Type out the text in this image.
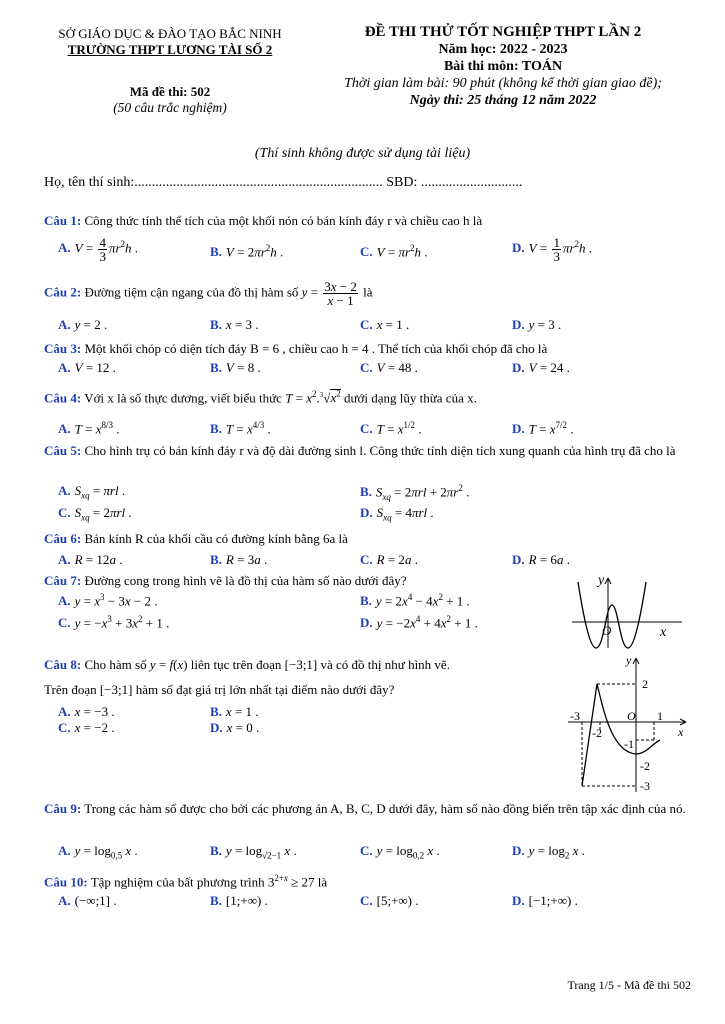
SỞ GIÁO DỤC & ĐÀO TẠO BẮC NINH
TRƯỜNG THPT LƯƠNG TÀI SỐ 2
Mã đề thi: 502
(50 câu trắc nghiệm)
ĐỀ THI THỬ TỐT NGHIỆP THPT LẦN 2
Năm học: 2022 - 2023
Bài thi môn: TOÁN
Thời gian làm bài: 90 phút (không kể thời gian giao đề);
Ngày thi: 25 tháng 12 năm 2022
(Thí sinh không được sử dụng tài liệu)
Họ, tên thí sinh:....................................................................... SBD: .............................
Câu 1: Công thức tính thể tích của một khối nón có bán kính đáy r và chiều cao h là
A. $V = \frac{4}{3} \pi r^2h$ .	B. $V = 2\pi r^2h$ .	C. $V = \pi r^2h$ .	D. $V = \frac{1}{3} \pi r^2h$ .
Câu 2: Đường tiệm cận ngang của đồ thị hàm số $y = \frac{3x - 2}{x - 1}$ là
A. y = 2 .	B. x = 3 .	C. x = 1 .	D. y = 3 .
Câu 3: Một khối chóp có diện tích đáy B = 6 , chiều cao h = 4 . Thể tích của khối chóp đã cho là
A. V = 12 .	B. V = 8 .	C. V = 48 .	D. V = 24 .
Câu 4: Với x là số thực dương, viết biểu thức $T = x^2.^3√x^2$ dưới dạng lũy thừa của x.
A. $T = x^{8/3}$ .	B. $T = x^{4/3}$ .	C. $T = x^{1/2}$ .	D. $T = x^{7/2}$ .
Câu 5: Cho hình trụ có bán kính đáy r và độ dài đường sinh l. Công thức tính diện tích xung quanh của hình trụ đã cho là
A. $S_{xq} = \pi rl$ .	B. $S_{xq} = 2\pi rl + 2\pi r^2$ .
C. $S_{xq} = 2\pi rl$ .	D. $S_{xq} = 4\pi rl$ .
Câu 6: Bán kính R của khối cầu có đường kính bằng 6a là
A. R = 12a .	B. R = 3a .	C. R = 2a .	D. R = 6a .
Câu 7: Đường cong trong hình vẽ là đồ thị của hàm số nào dưới đây?
A. $y = x^3 - 3x - 2$ .	B. $y = 2x^4 - 4x^2 + 1$ .
C. $y = -x^3 + 3x^2 + 1$ .	D. $y = -2x^4 + 4x^2 + 1$ .
y
x
O
Câu 8: Cho hàm số y = f(x) liên tục trên đoạn [−3;1] và có đồ thị như hình vẽ.
Trên đoạn [−3;1] hàm số đạt giá trị lớn nhất tại điểm nào dưới đây?
A. x = −3 .	B. x = 1 .
C. x = −2 .	D. x = 0 .
y
x
O
2
-3	1
-2
-1
-2
-3
Câu 9: Trong các hàm số được cho bởi các phương án A, B, C, D dưới đây, hàm số nào đồng biến trên tập xác định của nó.
A. $y = \log_{0,5} x$ .	B. $y = \log_{√2-1} x$ .	C. $y = \log_{0,2} x$ .	D. $y = \log_2 x$ .
Câu 10: Tập nghiệm của bất phương trình $3^{2+x} \ge 27$ là
A. (−∞;1] .	B. [1;+∞) .	C. [5;+∞) .	D. [−1;+∞) .
Trang 1/5 - Mã đề thi 502
